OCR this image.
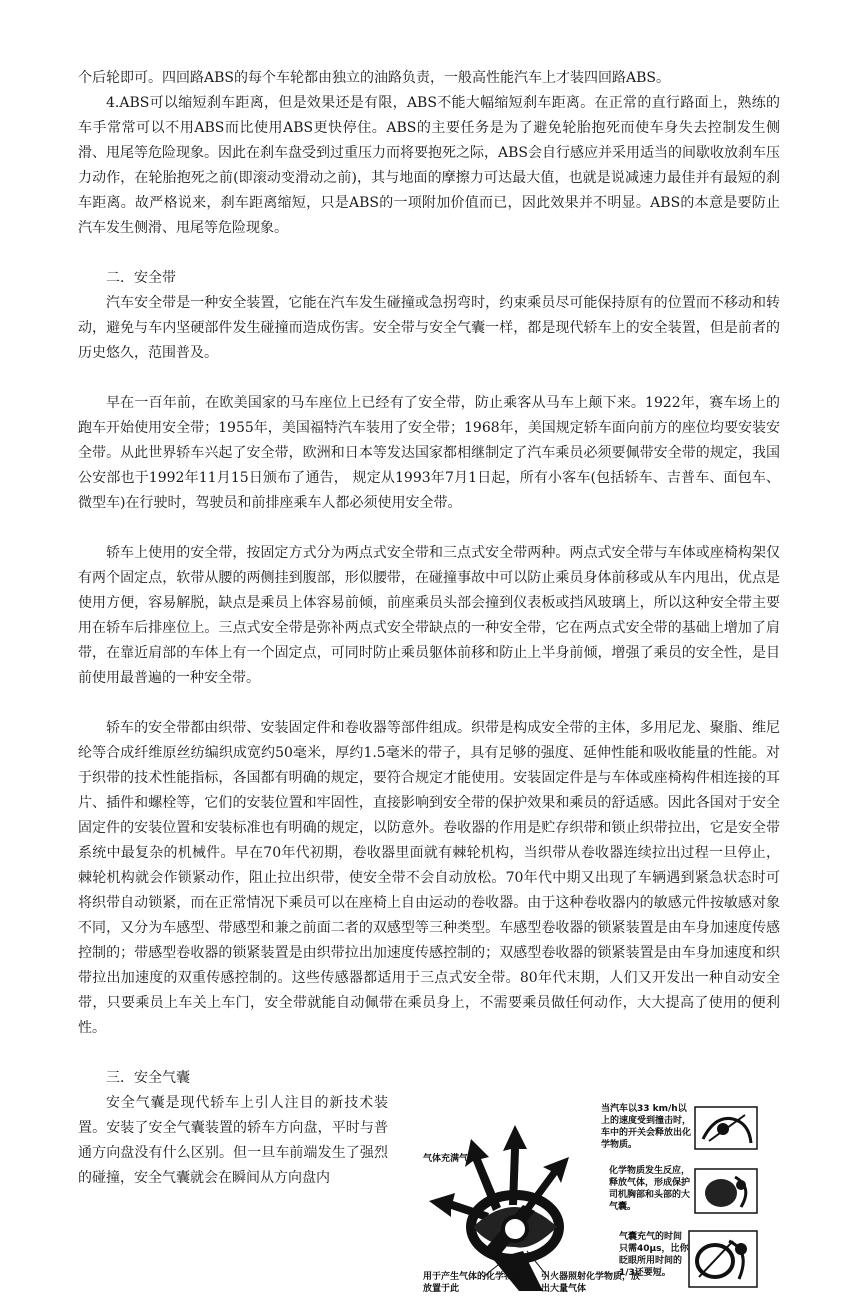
个后轮即可。四回路ABS的每个车轮都由独立的油路负责，一般高性能汽车上才装四回路ABS。

4.ABS可以缩短刹车距离，但是效果还是有限，ABS不能大幅缩短刹车距离。在正常的直行路面上，熟练的车手常常可以不用ABS而比使用ABS更快停住。ABS的主要任务是为了避免轮胎抱死而使车身失去控制发生侧滑、甩尾等危险现象。因此在刹车盘受到过重压力而将要抱死之际，ABS会自行感应并采用适当的间歇收放刹车压力动作，在轮胎抱死之前(即滚动变滑动之前)，其与地面的摩擦力可达最大值，也就是说减速力最佳并有最短的刹车距离。故严格说来，刹车距离缩短，只是ABS的一项附加价值而已，因此效果并不明显。ABS的本意是要防止汽车发生侧滑、甩尾等危险现象。

二．安全带

汽车安全带是一种安全装置，它能在汽车发生碰撞或急拐弯时，约束乘员尽可能保持原有的位置而不移动和转动，避免与车内坚硬部件发生碰撞而造成伤害。安全带与安全气囊一样，都是现代轿车上的安全装置，但是前者的历史悠久，范围普及。

早在一百年前，在欧美国家的马车座位上已经有了安全带，防止乘客从马车上颠下来。1922年，赛车场上的跑车开始使用安全带；1955年，美国福特汽车装用了安全带；1968年，美国规定轿车面向前方的座位均要安装安全带。从此世界轿车兴起了安全带，欧洲和日本等发达国家都相继制定了汽车乘员必须要佩带安全带的规定，我国公安部也于1992年11月15日颁布了通告， 规定从1993年7月1日起，所有小客车(包括轿车、吉普车、面包车、微型车)在行驶时，驾驶员和前排座乘车人都必须使用安全带。

轿车上使用的安全带，按固定方式分为两点式安全带和三点式安全带两种。两点式安全带与车体或座椅构架仅有两个固定点，软带从腰的两侧挂到腹部，形似腰带，在碰撞事故中可以防止乘员身体前移或从车内甩出，优点是使用方便，容易解脱，缺点是乘员上体容易前倾，前座乘员头部会撞到仪表板或挡风玻璃上，所以这种安全带主要用在轿车后排座位上。三点式安全带是弥补两点式安全带缺点的一种安全带，它在两点式安全带的基础上增加了肩带，在靠近肩部的车体上有一个固定点，可同时防止乘员躯体前移和防止上半身前倾，增强了乘员的安全性，是目前使用最普遍的一种安全带。

轿车的安全带都由织带、安装固定件和卷收器等部件组成。织带是构成安全带的主体，多用尼龙、聚脂、维尼纶等合成纤维原丝纺编织成宽约50毫米，厚约1.5毫米的带子，具有足够的强度、延伸性能和吸收能量的性能。对于织带的技术性能指标，各国都有明确的规定，要符合规定才能使用。安装固定件是与车体或座椅构件相连接的耳片、插件和螺栓等，它们的安装位置和牢固性，直接影响到安全带的保护效果和乘员的舒适感。因此各国对于安全固定件的安装位置和安装标准也有明确的规定，以防意外。卷收器的作用是贮存织带和锁止织带拉出，它是安全带系统中最复杂的机械件。早在70年代初期，卷收器里面就有棘轮机构，当织带从卷收器连续拉出过程一旦停止，棘轮机构就会作锁紧动作，阻止拉出织带，使安全带不会自动放松。70年代中期又出现了车辆遇到紧急状态时可将织带自动锁紧，而在正常情况下乘员可以在座椅上自由运动的卷收器。由于这种卷收器内的敏感元件按敏感对象不同，又分为车感型、带感型和兼之前面二者的双感型等三种类型。车感型卷收器的锁紧装置是由车身加速度传感控制的；带感型卷收器的锁紧装置是由织带拉出加速度传感控制的；双感型卷收器的锁紧装置是由车身加速度和织带拉出加速度的双重传感控制的。这些传感器都适用于三点式安全带。80年代末期，人们又开发出一种自动安全带，只要乘员上车关上车门，安全带就能自动佩带在乘员身上，不需要乘员做任何动作，大大提高了使用的便利性。

三．安全气囊

安全气囊是现代轿车上引人注目的新技术装置。安装了安全气囊装置的轿车方向盘，平时与普通方向盘没有什么区别。但一旦车前端发生了强烈的碰撞，安全气囊就会在瞬间从方向盘内

气体充满气囊
当汽车以33 km/h以上的速度受到撞击时，车中的开关会释放出化学物质。
化学物质发生反应，释放气体，形成保护司机胸部和头部的大气囊。
气囊充气的时间只需40μs，比你眨眼所用时间的1/3还要短。
用于产生气体的化学物质放置于此
引火器照射化学物质，放出大量气体
